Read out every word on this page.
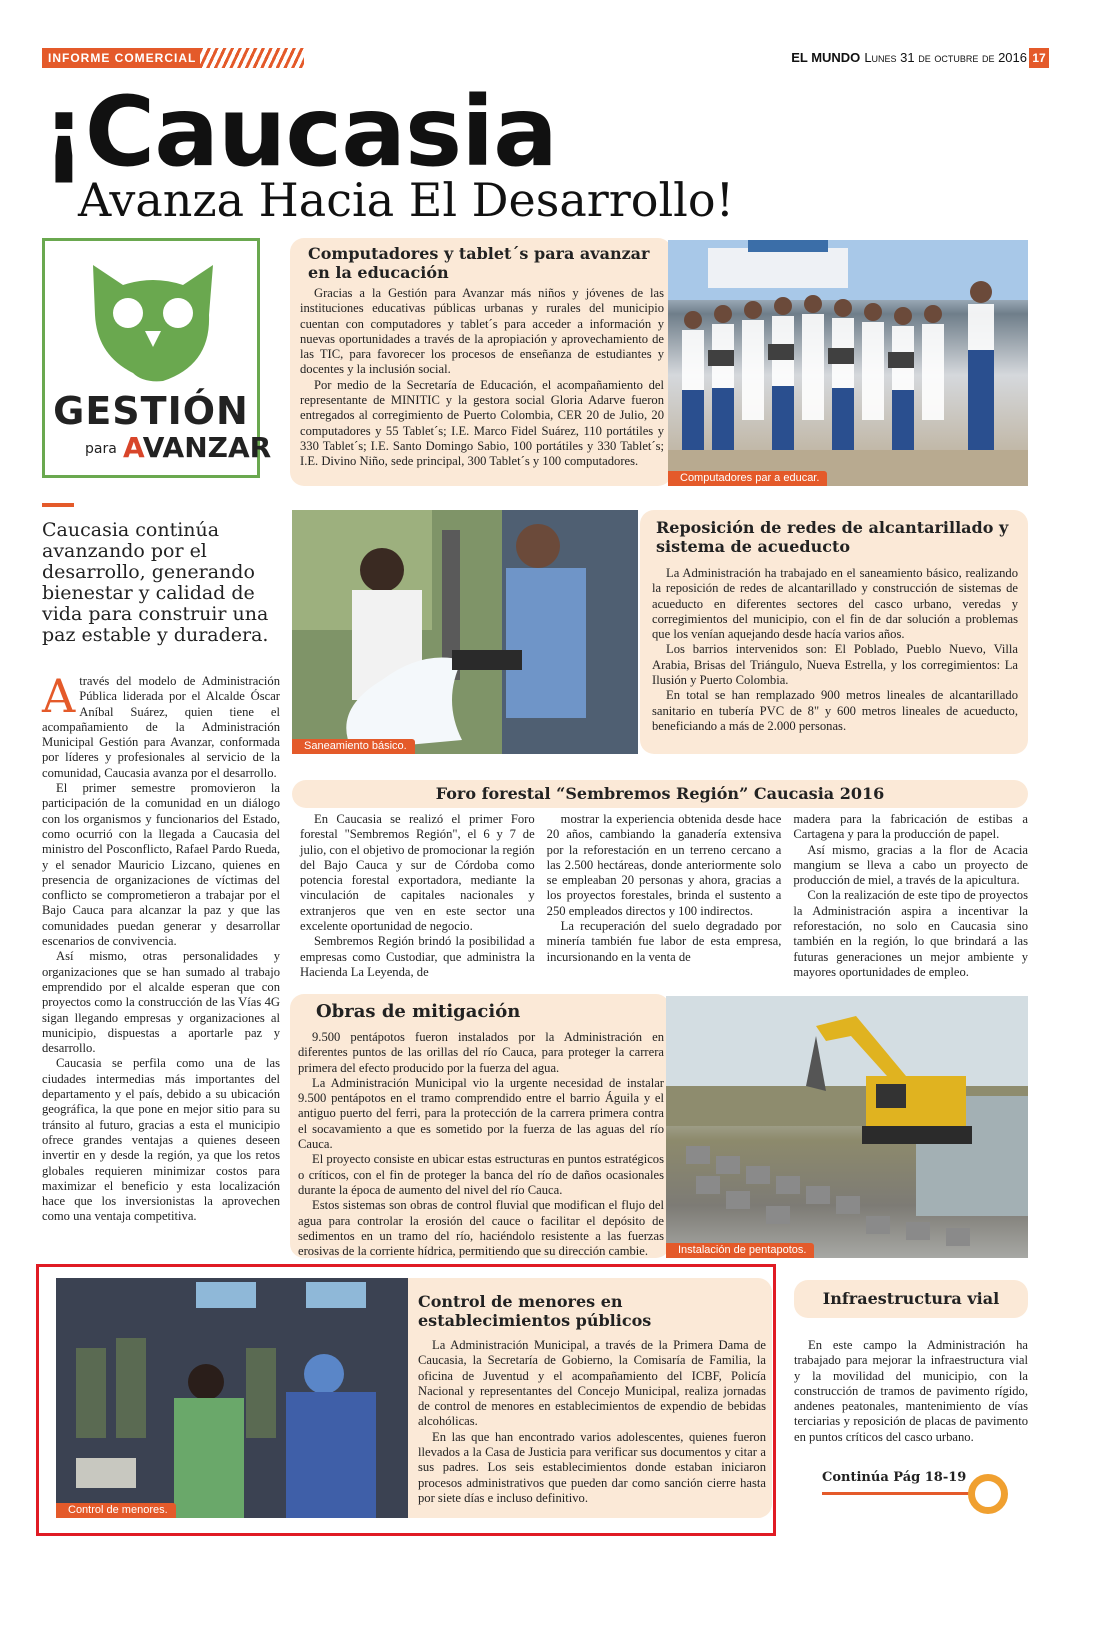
INFORME COMERCIAL	EL MUNDO Lunes 31 de octubre de 2016 17
¡Caucasia
Avanza Hacia El Desarrollo!
GESTIÓN
para AVANZAR
Caucasia continúa avanzando por el desarrollo, generando bienestar y calidad de vida para construir una paz estable y duradera.

Através del modelo de Administración Pública liderada por el Alcalde Óscar Aníbal Suárez, quien tiene el acompañamiento de la Administración Municipal Gestión para Avanzar, conformada por líderes y profesionales al servicio de la comunidad, Caucasia avanza por el desarrollo.

El primer semestre promovieron la participación de la comunidad en un diálogo con los organismos y funcionarios del Estado, como ocurrió con la llegada a Caucasia del ministro del Posconflicto, Rafael Pardo Rueda, y el senador Mauricio Lizcano, quienes en presencia de organizaciones de víctimas del conflicto se comprometieron a trabajar por el Bajo Cauca para alcanzar la paz y que las comunidades puedan generar y desarrollar escenarios de convivencia.

Así mismo, otras personalidades y organizaciones que se han sumado al trabajo emprendido por el alcalde esperan que con proyectos como la construcción de las Vías 4G sigan llegando empresas y organizaciones al municipio, dispuestas a aportarle paz y desarrollo.

Caucasia se perfila como una de las ciudades intermedias más importantes del departamento y el país, debido a su ubicación geográfica, la que pone en mejor sitio para su tránsito al futuro, gracias a esta el municipio ofrece grandes ventajas a quienes deseen invertir en y desde la región, ya que los retos globales requieren minimizar costos para maximizar el beneficio y esta localización hace que los inversionistas la aprovechen como una ventaja competitiva.

Computadores y tablet´s para avanzar en la educación

Gracias a la Gestión para Avanzar más niños y jóvenes de las instituciones educativas públicas urbanas y rurales del municipio cuentan con computadores y tablet´s para acceder a información y nuevas oportunidades a través de la apropiación y aprovechamiento de las TIC, para favorecer los procesos de enseñanza de estudiantes y docentes y la inclusión social.

Por medio de la Secretaría de Educación, el acompañamiento del representante de MINITIC y la gestora social Gloria Adarve fueron entregados al corregimiento de Puerto Colombia, CER 20 de Julio, 20 computadores y 55 Tablet´s; I.E. Marco Fidel Suárez, 110 portátiles y 330 Tablet´s; I.E. Santo Domingo Sabio, 100 portátiles y 330 Tablet´s; I.E. Divino Niño, sede principal, 300 Tablet´s y 100 computadores.

Computadores par a educar.
Saneamiento básico.
Reposición de redes de alcantarillado y sistema de acueducto

La Administración ha trabajado en el saneamiento básico, realizando la reposición de redes de alcantarillado y construcción de sistemas de acueducto en diferentes sectores del casco urbano, veredas y corregimientos del municipio, con el fin de dar solución a problemas que los venían aquejando desde hacía varios años.

Los barrios intervenidos son: El Poblado, Pueblo Nuevo, Villa Arabia, Brisas del Triángulo, Nueva Estrella, y los corregimientos: La Ilusión y Puerto Colombia.

En total se han remplazado 900 metros lineales de alcantarillado sanitario en tubería PVC de 8" y 600 metros lineales de acueducto, beneficiando a más de 2.000 personas.

Foro forestal “Sembremos Región” Caucasia 2016

En Caucasia se realizó el primer Foro forestal "Sembremos Región", el 6 y 7 de julio, con el objetivo de promocionar la región del Bajo Cauca y sur de Córdoba como potencia forestal exportadora, mediante la vinculación de capitales nacionales y extranjeros que ven en este sector una excelente oportunidad de negocio.

Sembremos Región brindó la posibilidad a empresas como Custodiar, que administra la Hacienda La Leyenda, de

mostrar la experiencia obtenida desde hace 20 años, cambiando la ganadería extensiva por la reforestación en un terreno cercano a las 2.500 hectáreas, donde anteriormente solo se empleaban 20 personas y ahora, gracias a los proyectos forestales, brinda el sustento a 250 empleados directos y 100 indirectos.

La recuperación del suelo degradado por minería también fue labor de esta empresa, incursionando en la venta de

madera para la fabricación de estibas a Cartagena y para la producción de papel.

Así mismo, gracias a la flor de Acacia mangium se lleva a cabo un proyecto de producción de miel, a través de la apicultura.

Con la realización de este tipo de proyectos la Administración aspira a incentivar la reforestación, no solo en Caucasia sino también en la región, lo que brindará a las futuras generaciones un mejor ambiente y mayores oportunidades de empleo.

Obras de mitigación

9.500 pentápotos fueron instalados por la Administración en diferentes puntos de las orillas del río Cauca, para proteger la carrera primera del efecto producido por la fuerza del agua.

La Administración Municipal vio la urgente necesidad de instalar 9.500 pentápotos en el tramo comprendido entre el barrio Águila y el antiguo puerto del ferri, para la protección de la carrera primera contra el socavamiento a que es sometido por la fuerza de las aguas del río Cauca.

El proyecto consiste en ubicar estas estructuras en puntos estratégicos o críticos, con el fin de proteger la banca del río de daños ocasionales durante la época de aumento del nivel del río Cauca.

Estos sistemas son obras de control fluvial que modifican el flujo del agua para controlar la erosión del cauce o facilitar el depósito de sedimentos en un tramo del río, haciéndolo resistente a las fuerzas erosivas de la corriente hídrica, permitiendo que su dirección cambie.	Instalación de pentapotos.
Control de menores.
Control de menores en establecimientos públicos

La Administración Municipal, a través de la Primera Dama de Caucasia, la Secretaría de Gobierno, la Comisaría de Familia, la oficina de Juventud y el acompañamiento del ICBF, Policía Nacional y representantes del Concejo Municipal, realiza jornadas de control de menores en establecimientos de expendio de bebidas alcohólicas.

En las que han encontrado varios adolescentes, quienes fueron llevados a la Casa de Justicia para verificar sus documentos y citar a sus padres. Los seis establecimientos donde estaban iniciaron procesos administrativos que pueden dar como sanción cierre hasta por siete días e incluso definitivo.

Infraestructura vial

En este campo la Administración ha trabajado para mejorar la infraestructura vial y la movilidad del municipio, con la construcción de tramos de pavimento rígido, andenes peatonales, mantenimiento de vías terciarias y reposición de placas de pavimento en puntos críticos del casco urbano.

Continúa Pág 18-19
